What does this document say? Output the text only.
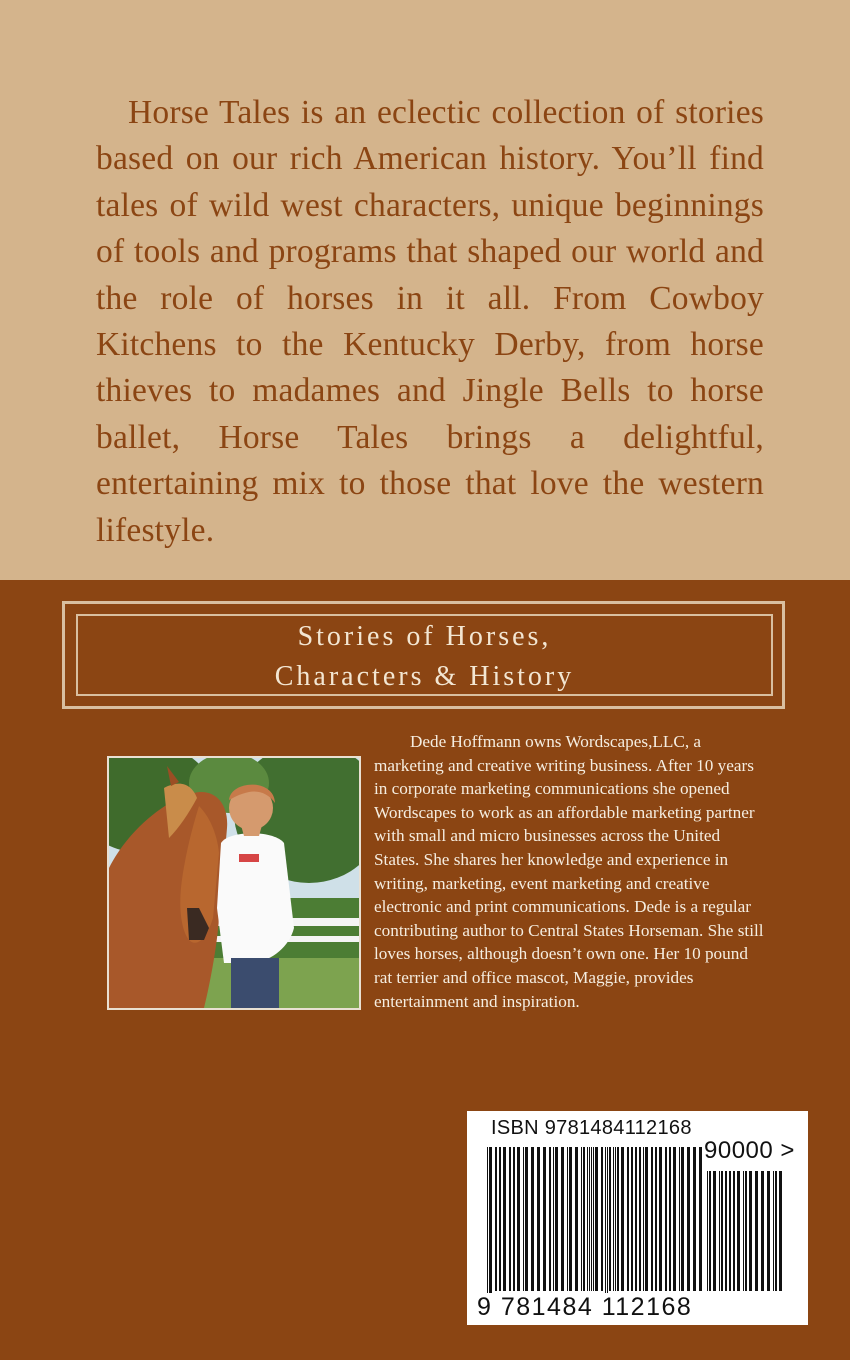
Horse Tales is an eclectic collection of stories based on our rich American history. You’ll find tales of wild west characters, unique beginnings of tools and programs that shaped our world and the role of horses in it all. From Cowboy Kitchens to the Kentucky Derby, from horse thieves to madames and Jingle Bells to horse ballet, Horse Tales brings a delightful, entertaining mix to those that love the western lifestyle.

Stories of Horses,
Characters & History

Dede Hoffmann owns Wordscapes,LLC, a marketing and creative writing business. After 10 years in corporate marketing communications she opened Wordscapes to work as an affordable marketing partner with small and micro businesses across the United States. She shares her knowledge and experience in writing, marketing, event marketing and creative electronic and print communications. Dede is a regular contributing author to Central States Horseman. She still loves horses, although doesn’t own one. Her 10 pound rat terrier and office mascot, Maggie, provides entertainment and inspiration.

ISBN 9781484112168
90000 >
9 781484 112168
